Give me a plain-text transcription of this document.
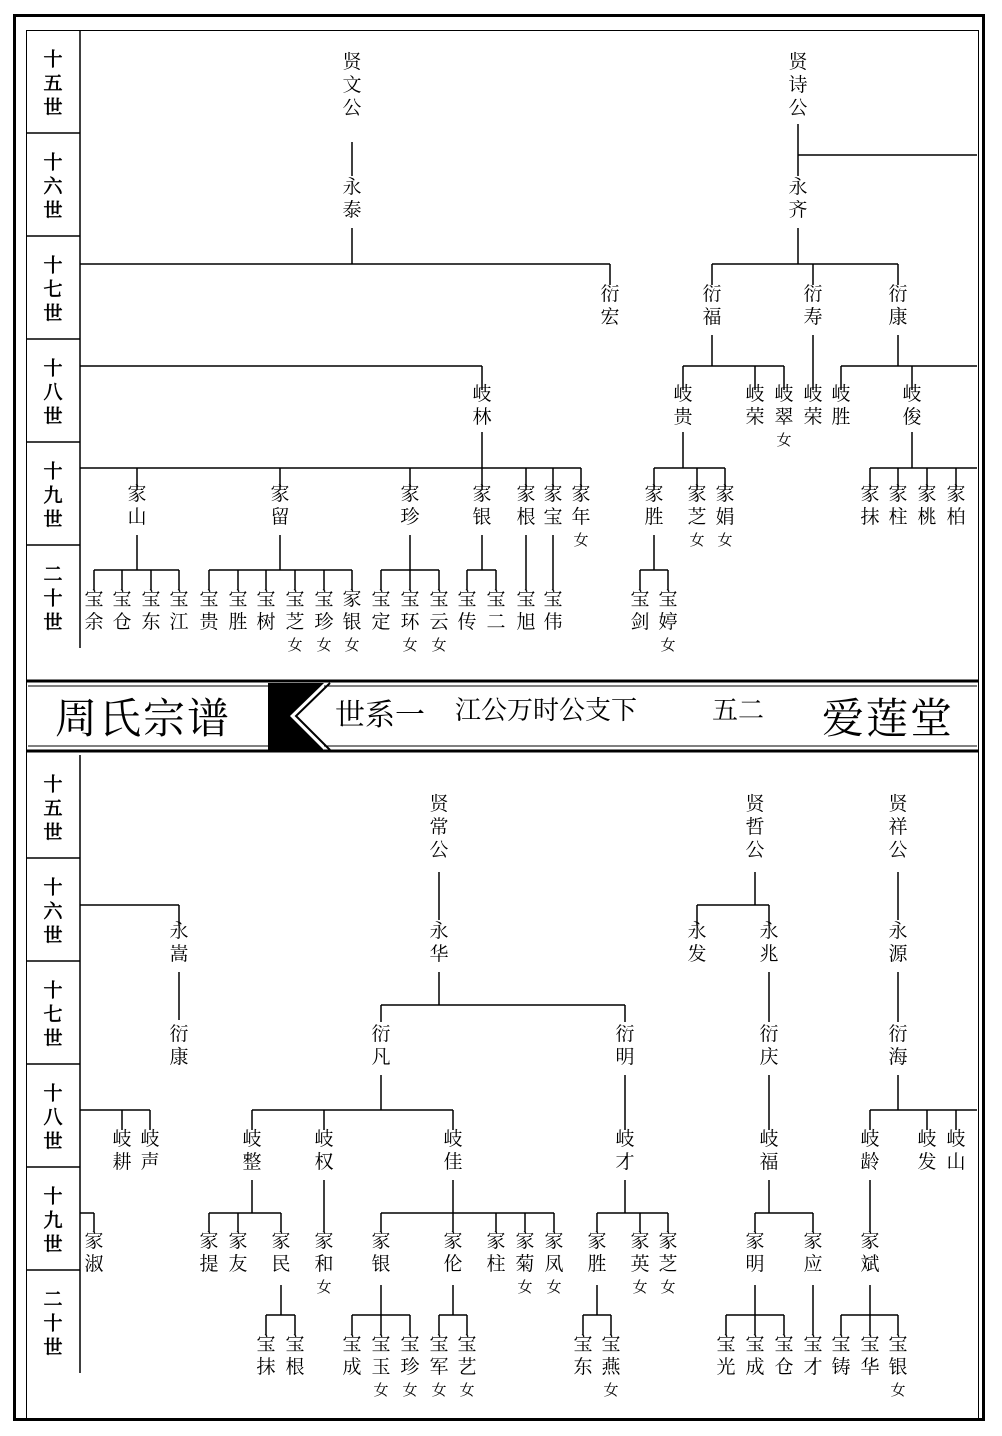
十五世
十六世
十七世
十八世
十九世
二十世
十五世
十六世
十七世
十八世
十九世
二十世
贤文公
永泰
衍宏
岐林
家山
家留
家珍
家银
家根
家宝
家年女
宝余
宝仓
宝东
宝江
宝贵
宝胜
宝树
宝芝女
宝珍女
家银女
宝定
宝环女
宝云女
宝传
宝二
宝旭
宝伟
贤诗公
永齐
衍福
衍寿
衍康
岐贵
岐荣
岐翠女
岐荣
岐胜
岐俊
家胜
家芝女
家娟女
宝剑
宝婷女
家抹
家柱
家桃
家柏
永嵩
衍康
岐耕
岐声
家淑
贤常公
永华
衍凡
衍明
岐整
岐权
岐佳
家提
家友
家民
家和女
家银
家伦
家柱
家菊女
家凤女
岐才
家胜
家英女
家芝女
宝抹
宝根
宝成
宝玉女
宝珍女
宝军女
宝艺女
宝东
宝燕女
贤哲公
永发
永兆
衍庆
岐福
家明
家应
宝光
宝成
宝仓
宝才
贤祥公
永源
衍海
岐龄
岐发
岐山
家斌
宝铸
宝华
宝银女
周氏宗谱	世系一 江公万时公支下	五二 爱莲堂
